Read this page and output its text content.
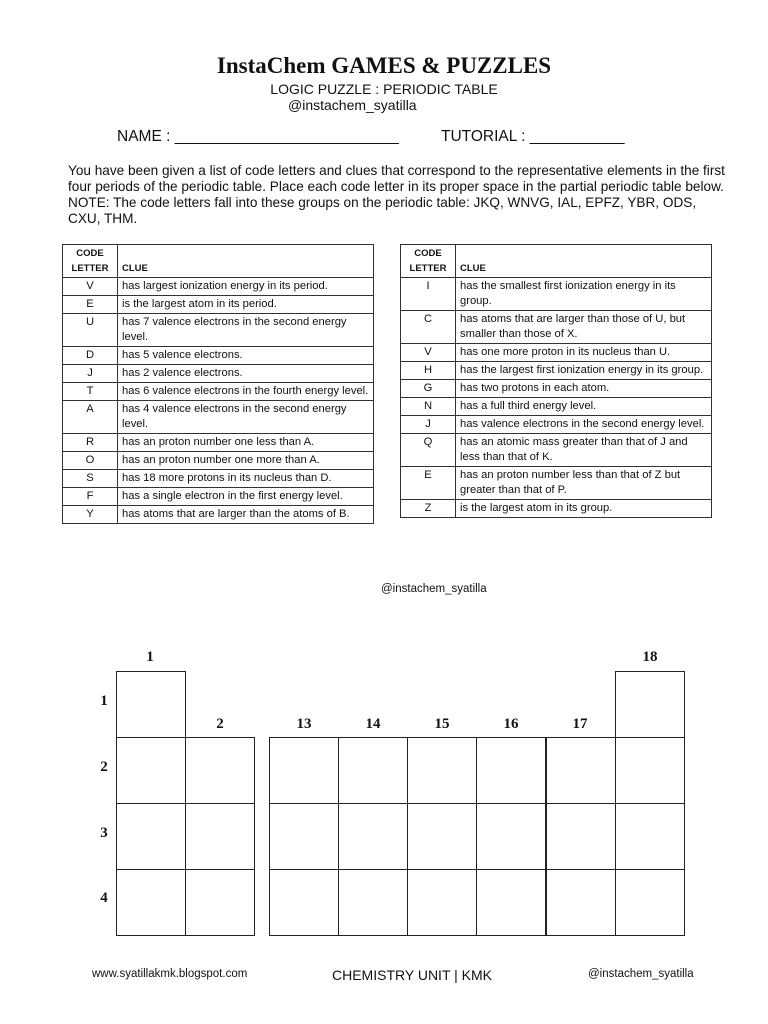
InstaChem GAMES & PUZZLES
LOGIC PUZZLE : PERIODIC TABLE
@instachem_syatilla
NAME : __________________________	TUTORIAL : ___________
You have been given a list of code letters and clues that correspond to the representative elements in the first four periods of the periodic table. Place each code letter in its proper space in the partial periodic table below. NOTE: The code letters fall into these groups on the periodic table: JKQ, WNVG, IAL, EPFZ, YBR, ODS, CXU, THM.
CODE
LETTER	CLUE
V	has largest ionization energy in its period.
E	is the largest atom in its period.
U	has 7 valence electrons in the second energy level.
D	has 5 valence electrons.
J	has 2 valence electrons.
T	has 6 valence electrons in the fourth energy level.
A	has 4 valence electrons in the second energy level.
R	has an proton number one less than A.
O	has an proton number one more than A.
S	has 18 more protons in its nucleus than D.
F	has a single electron in the first energy level.
Y	has atoms that are larger than the atoms of B.
CODE
LETTER	CLUE
I	has the smallest first ionization energy in its group.
C	has atoms that are larger than those of U, but smaller than those of X.
V	has one more proton in its nucleus than U.
H	has the largest first ionization energy in its group.
G	has two protons in each atom.
N	has a full third energy level.
J	has valence electrons in the second energy level.
Q	has an atomic mass greater than that of J and less than that of K.
E	has an proton number less than that of Z but greater than that of P.
Z	is the largest atom in its group.
@instachem_syatilla
1
2	13	14	15	16	17
18
1
2
3
4
www.syatillakmk.blogspot.com	CHEMISTRY UNIT | KMK	@instachem_syatilla
